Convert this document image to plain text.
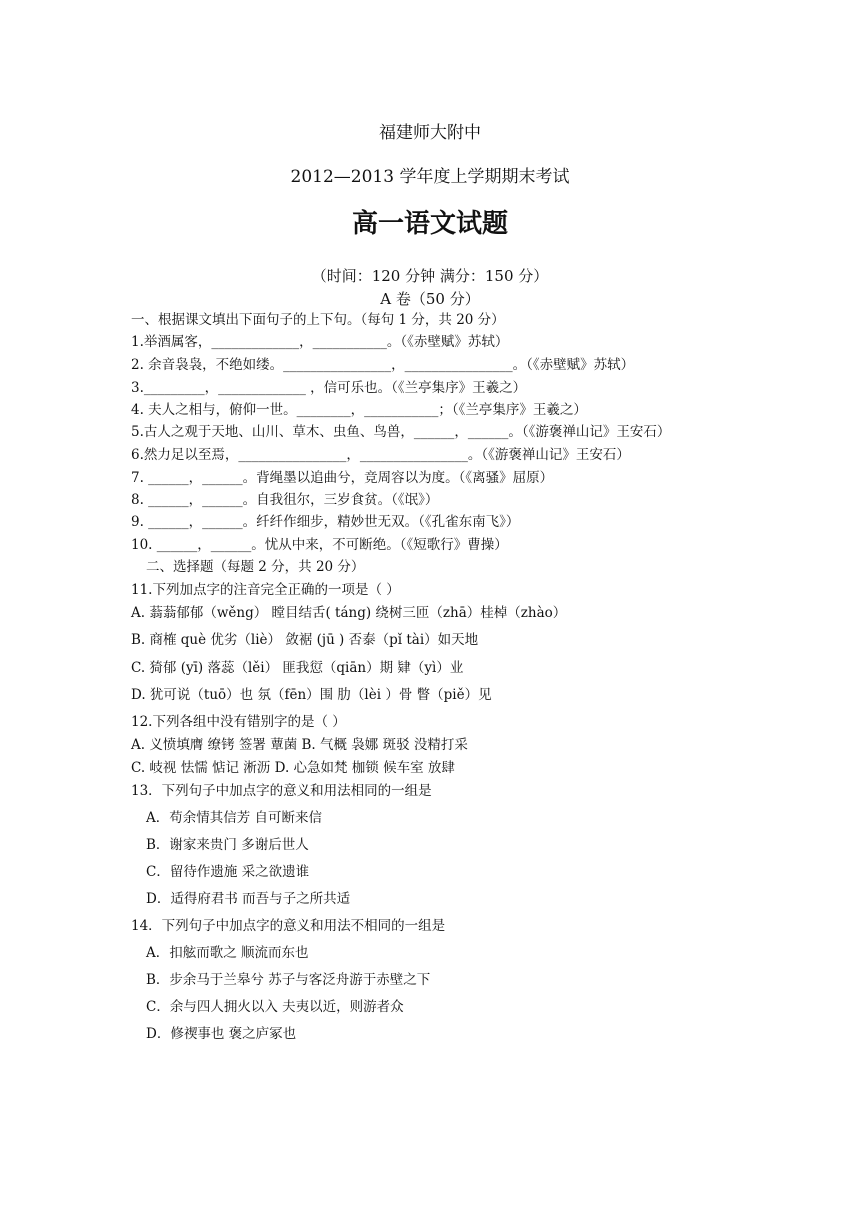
福建师大附中
2012—2013 学年度上学期期末考试
高一语文试题
（时间：120 分钟 满分：150 分）
A 卷（50 分）
一、根据课文填出下面句子的上下句。（每句 1 分，共 20 分）
1.举酒属客，_____________，___________。（《赤壁赋》苏轼）
2. 余音袅袅，不绝如缕。________________，________________。（《赤壁赋》苏轼）
3._________，_____________ ，信可乐也。（《兰亭集序》王羲之）
4. 夫人之相与，俯仰一世。________，___________；（《兰亭集序》王羲之）
5.古人之观于天地、山川、草木、虫鱼、鸟兽，______，______。（《游褒禅山记》王安石）
6.然力足以至焉，________________，________________。（《游褒禅山记》王安石）
7. ______，______。背绳墨以追曲兮，竞周容以为度。（《离骚》屈原）
8. ______，______。自我徂尔，三岁食贫。（《氓》）
9. ______，______。纤纤作细步，精妙世无双。（《孔雀东南飞》）
10. ______，______。忧从中来，不可断绝。（《短歌行》曹操）
二、选择题（每题 2 分，共 20 分）
11.下列加点字的注音完全正确的一项是（ ）
A. 蓊蓊郁郁（wěng） 瞠目结舌( táng) 绕树三匝（zhā）桂棹（zhào）
B. 商榷 què 优劣（liè） 敛裾 (jū ) 否泰（pǐ tài）如天地
C. 猗郁 (yī) 落蕊（lěi） 匪我愆（qiān）期 肄（yì）业
D. 犹可说（tuō）也 氛（fēn）围 肋（lèi ）骨 瞥（piě）见
12.下列各组中没有错别字的是（ ）
A. 义愤填膺 缭铐 签署 蕈菌 B. 气概 袅娜 斑驳 没精打采
C. 岐视 怯懦 惦记 淅沥 D. 心急如梵 枷锁 候车室 放肆
13．下列句子中加点字的意义和用法相同的一组是
A．苟余情其信芳 自可断来信
B．谢家来贵门 多谢后世人
C．留待作遗施 采之欲遗谁
D．适得府君书 而吾与子之所共适
14．下列句子中加点字的意义和用法不相同的一组是
A．扣舷而歌之 顺流而东也
B．步余马于兰皋兮 苏子与客泛舟游于赤壁之下
C．余与四人拥火以入 夫夷以近，则游者众
D．修禊事也 褒之庐冢也
